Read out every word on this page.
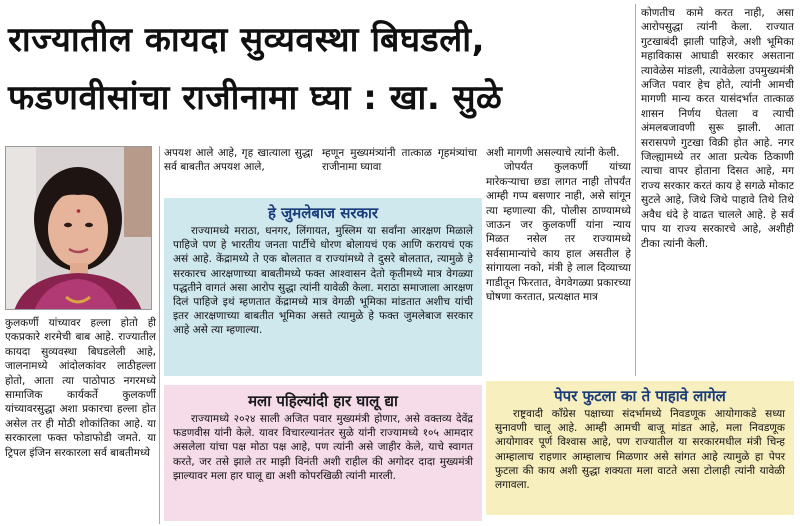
राज्यातील कायदा सुव्यवस्था बिघडली,
फडणवीसांचा राजीनामा घ्या : खा. सुळे

कुलकर्णी यांच्यावर हल्ला होतो ही एकप्रकारे शरमेची बाब आहे. राज्यातील कायदा सुव्यवस्था बिघडलेली आहे, जालनामध्ये आंदोलकांवर लाठीहल्ला होतो, आता त्या पाठोपाठ नगरमध्ये सामाजिक कार्यकर्ते कुलकर्णी यांच्यावरसुद्धा अशा प्रकारचा हल्ला होत असेल तर ही मोठी शोकांतिका आहे. या सरकारला फक्त फोडाफोडी जमते. या ट्रिपल इंजिन सरकारला सर्व बाबतीमध्ये

अपयश आले आहे, गृह खात्याला सुद्धा सर्व बाबतीत अपयश आले,

म्हणून मुख्यमंत्र्यांनी तात्काळ गृहमंत्र्यांचा राजीनामा घ्यावा

अशी मागणी असल्याचे त्यांनी केली.

जोपर्यंत कुलकर्णी यांच्या मारेकऱ्याचा छडा लागत नाही तोपर्यंत आम्ही गप्प बसणार नाही, असे सांगून त्या म्हणाल्या की, पोलीस ठाण्यामध्ये जाऊन जर कुलकर्णी यांना न्याय मिळत नसेल तर राज्यामध्ये सर्वसामान्यांचे काय हाल असतील हे सांगायला नको, मंत्री हे लाल दिव्याच्या गाडीतून फिरतात, वेगवेगळ्या प्रकारच्या घोषणा करतात, प्रत्यक्षात मात्र

कोणतीच कामे करत नाही, असा आरोपसुद्धा त्यांनी केला. राज्यात गुटखाबंदी झाली पाहिजे, अशी भूमिका महाविकास आघाडी सरकार असताना त्यावेळेस मांडली, त्यावेळेला उपमुख्यमंत्री अजित पवार हेच होते, त्यांनी आमची मागणी मान्य करत यासंदर्भात तात्काळ शासन निर्णय घेतला व त्याची अंमलबजावणी सुरू झाली. आता सरासपणे गुटखा विक्री होत आहे. नगर जिल्ह्यामध्ये तर आता प्रत्येक ठिकाणी त्याचा वापर होताना दिसत आहे, मग राज्य सरकार करतं काय हे सगळे मोकाट सुटले आहे, जिथे जिथे पाहावे तिथे तिथे अवैध धंदे हे वाढत चालले आहे. हे सर्व पाप या राज्य सरकारचे आहे, अशीही टीका त्यांनी केली.

हे जुमलेबाज सरकार
राज्यामध्ये मराठा, धनगर, लिंगायत, मुस्लिम या सर्वांना आरक्षण मिळाले पाहिजे पण हे भारतीय जनता पार्टीचे धोरण बोलायचं एक आणि करायचं एक असं आहे. केंद्रामध्ये ते एक बोलतात व राज्यांमध्ये ते दुसरे बोलतात, त्यामुळे हे सरकारच आरक्षणाच्या बाबतीमध्ये फक्त आश्वासन देतो कृतीमध्ये मात्र वेगळ्या पद्धतीने वागतं असा आरोप सुद्धा त्यांनी यावेळी केला. मराठा समाजाला आरक्षण दिलं पाहिजे इथं म्हणतात केंद्रामध्ये मात्र वेगळी भूमिका मांडतात अशीच यांची इतर आरक्षणाच्या बाबतीत भूमिका असते त्यामुळे हे फक्त जुमलेबाज सरकार आहे असे त्या म्हणाल्या.
मला पहिल्यांदी हार घालू द्या
राज्यामध्ये २०२४ साली अजित पवार मुख्यमंत्री होणार, असे वक्तव्य देवेंद्र फडणवीस यांनी केले. यावर विचारल्यानंतर सुळे यांनी राज्यामध्ये १०५ आमदार असलेला यांचा पक्ष मोठा पक्ष आहे, पण त्यांनी असे जाहीर केले, याचे स्वागत करते, जर तसे झाले तर माझी विनंती अशी राहील की अगोदर दादा मुख्यमंत्री झाल्यावर मला हार घालू द्या अशी कोपरखिळी त्यांनी मारली.
पेपर फुटला का ते पाहावे लागेल
राष्ट्रवादी काँग्रेस पक्षाच्या संदर्भामध्ये निवडणूक आयोगाकडे सध्या सुनावणी चालू आहे. आम्ही आमची बाजू मांडत आहे, मला निवडणूक आयोगावर पूर्ण विश्वास आहे, पण राज्यातील या सरकारमधील मंत्री चिन्ह आम्हालाच राहणार आम्हालाच मिळणार असे सांगत आहे त्यामुळे हा पेपर फुटला की काय अशी सुद्धा शक्यता मला वाटते असा टोलाही त्यांनी यावेळी लगावला.
